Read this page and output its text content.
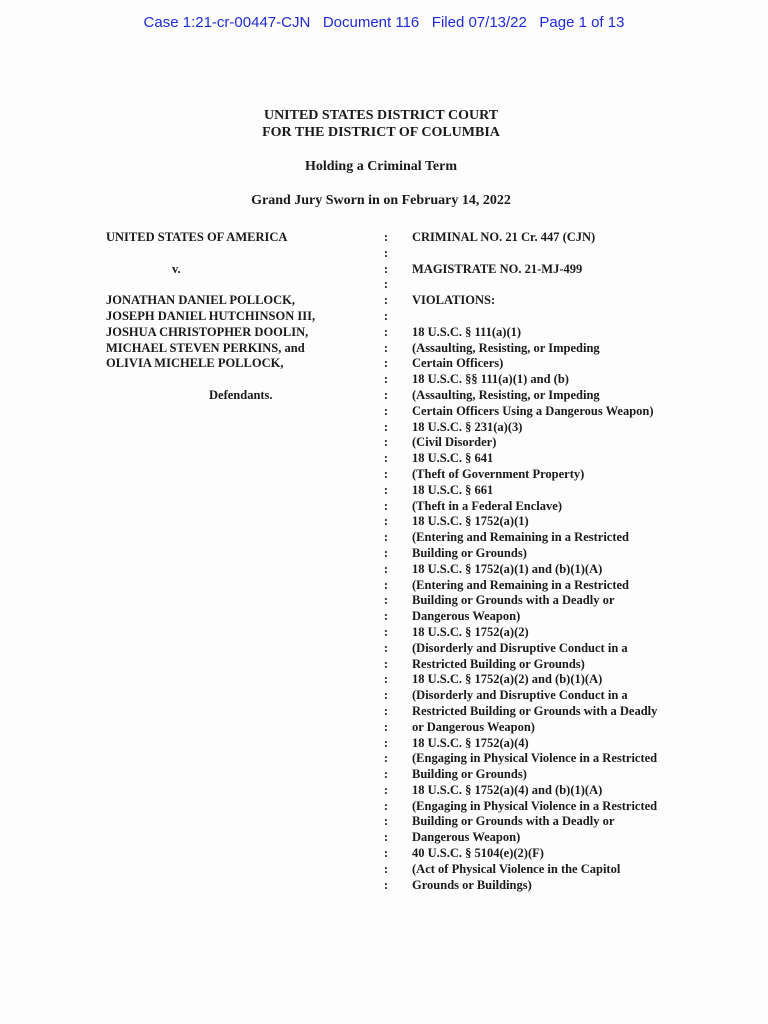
Case 1:21-cr-00447-CJN Document 116 Filed 07/13/22 Page 1 of 13
UNITED STATES DISTRICT COURT
FOR THE DISTRICT OF COLUMBIA
Holding a Criminal Term
Grand Jury Sworn in on February 14, 2022
UNITED STATES OF AMERICA
v.
JONATHAN DANIEL POLLOCK,
JOSEPH DANIEL HUTCHINSON III,
JOSHUA CHRISTOPHER DOOLIN,
MICHAEL STEVEN PERKINS, and
OLIVIA MICHELE POLLOCK,
Defendants.
:
:
:
:
:
:
:
:
:
:
:
:
:
:
:
:
:
:
:
:
:
:
:
:
:
:
:
:
:
:
:
:
:
:
:
:
:
:
:
:
:
:
CRIMINAL NO. 21 Cr. 447 (CJN)
MAGISTRATE NO. 21-MJ-499
VIOLATIONS:
18 U.S.C. § 111(a)(1)
(Assaulting, Resisting, or Impeding
Certain Officers)
18 U.S.C. §§ 111(a)(1) and (b)
(Assaulting, Resisting, or Impeding
Certain Officers Using a Dangerous Weapon)
18 U.S.C. § 231(a)(3)
(Civil Disorder)
18 U.S.C. § 641
(Theft of Government Property)
18 U.S.C. § 661
(Theft in a Federal Enclave)
18 U.S.C. § 1752(a)(1)
(Entering and Remaining in a Restricted
Building or Grounds)
18 U.S.C. § 1752(a)(1) and (b)(1)(A)
(Entering and Remaining in a Restricted
Building or Grounds with a Deadly or
Dangerous Weapon)
18 U.S.C. § 1752(a)(2)
(Disorderly and Disruptive Conduct in a
Restricted Building or Grounds)
18 U.S.C. § 1752(a)(2) and (b)(1)(A)
(Disorderly and Disruptive Conduct in a
Restricted Building or Grounds with a Deadly
or Dangerous Weapon)
18 U.S.C. § 1752(a)(4)
(Engaging in Physical Violence in a Restricted
Building or Grounds)
18 U.S.C. § 1752(a)(4) and (b)(1)(A)
(Engaging in Physical Violence in a Restricted
Building or Grounds with a Deadly or
Dangerous Weapon)
40 U.S.C. § 5104(e)(2)(F)
(Act of Physical Violence in the Capitol
Grounds or Buildings)
